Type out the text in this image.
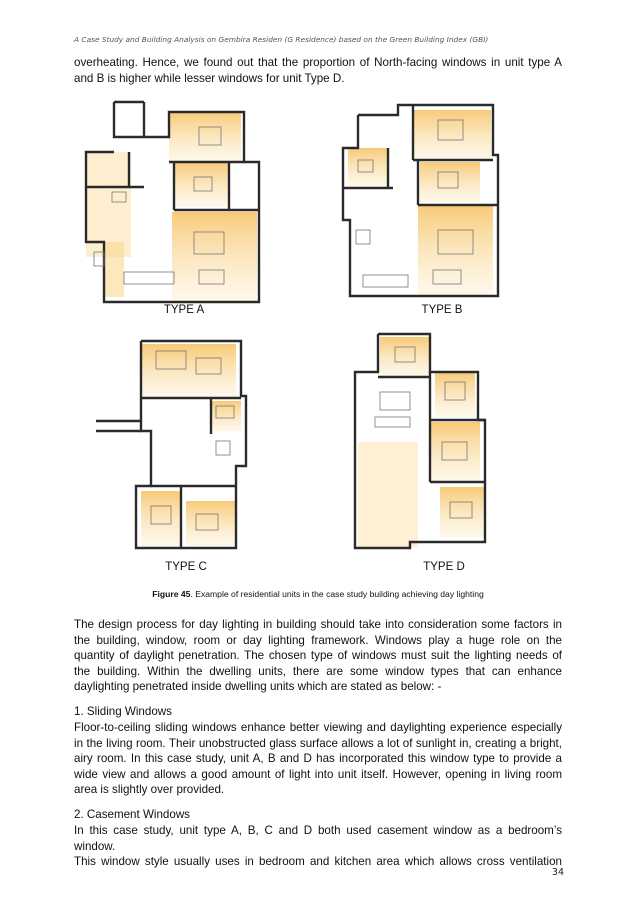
A Case Study and Building Analysis on Gembira Residen (G Residence) based on the Green Building Index (GBI)

overheating. Hence, we found out that the proportion of North-facing windows in unit type A
and B is higher while lesser windows for unit Type D.

TYPE A	TYPE B
TYPE C	TYPE D
Figure 45. Example of residential units in the case study building achieving day lighting

The design process for day lighting in building should take into consideration some factors in
the building, window, room or day lighting framework. Windows play a huge role on the
quantity of daylight penetration. The chosen type of windows must suit the lighting needs of
the building. Within the dwelling units, there are some window types that can enhance
daylighting penetrated inside dwelling units which are stated as below: -

1. Sliding Windows

Floor-to-ceiling sliding windows enhance better viewing and daylighting experience especially
in the living room. Their unobstructed glass surface allows a lot of sunlight in, creating a bright,
airy room. In this case study, unit A, B and D has incorporated this window type to provide a
wide view and allows a good amount of light into unit itself. However, opening in living room
area is slightly over provided.

2. Casement Windows

In this case study, unit type A, B, C and D both used casement window as a bedroom’s window.
This window style usually uses in bedroom and kitchen area which allows cross ventilation

34
